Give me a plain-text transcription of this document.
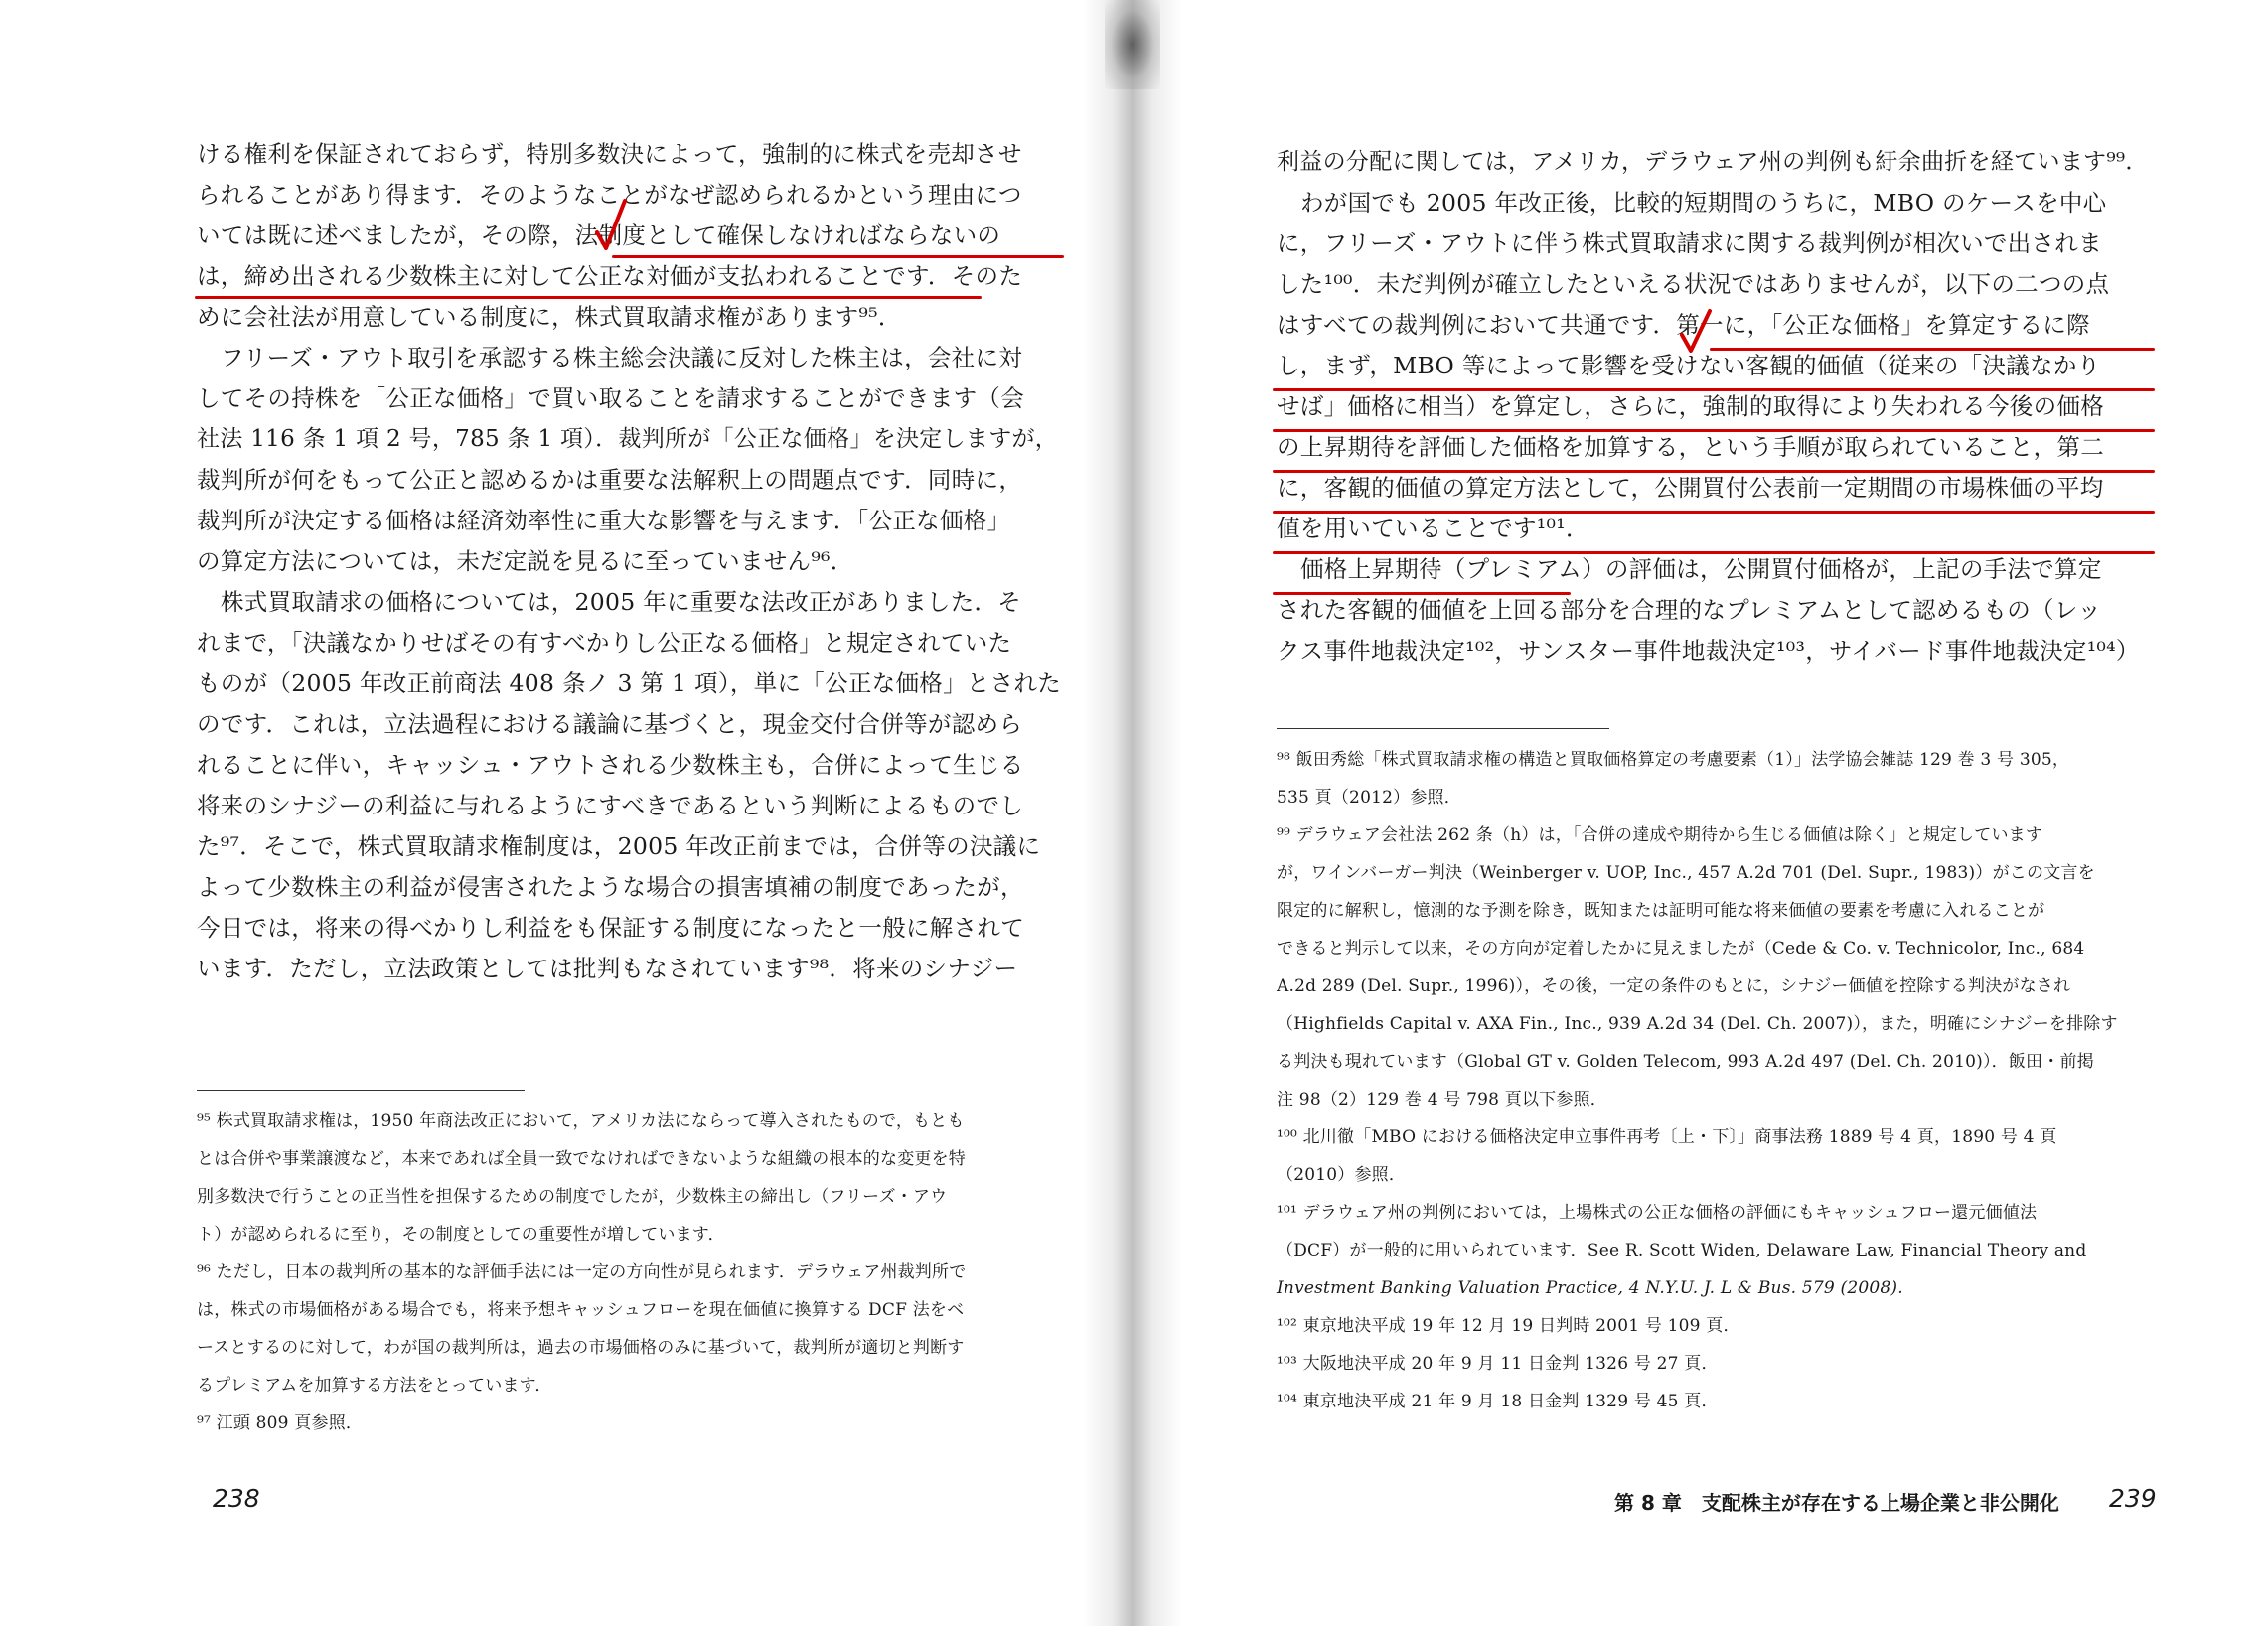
ける権利を保証されておらず，特別多数決によって，強制的に株式を売却させ
られることがあり得ます．そのようなことがなぜ認められるかという理由につ
いては既に述べましたが，その際，法制度として確保しなければならないの
は，締め出される少数株主に対して公正な対価が支払われることです．そのた
めに会社法が用意している制度に，株式買取請求権があります⁹⁵．
フリーズ・アウト取引を承認する株主総会決議に反対した株主は，会社に対
してその持株を「公正な価格」で買い取ることを請求することができます（会
社法 116 条 1 項 2 号，785 条 1 項）．裁判所が「公正な価格」を決定しますが，
裁判所が何をもって公正と認めるかは重要な法解釈上の問題点です．同時に，
裁判所が決定する価格は経済効率性に重大な影響を与えます．「公正な価格」
の算定方法については，未だ定説を見るに至っていません⁹⁶．
株式買取請求の価格については，2005 年に重要な法改正がありました．そ
れまで，「決議なかりせばその有すべかりし公正なる価格」と規定されていた
ものが（2005 年改正前商法 408 条ノ 3 第 1 項），単に「公正な価格」とされた
のです．これは，立法過程における議論に基づくと，現金交付合併等が認めら
れることに伴い，キャッシュ・アウトされる少数株主も，合併によって生じる
将来のシナジーの利益に与れるようにすべきであるという判断によるものでし
た⁹⁷．そこで，株式買取請求権制度は，2005 年改正前までは，合併等の決議に
よって少数株主の利益が侵害されたような場合の損害填補の制度であったが，
今日では，将来の得べかりし利益をも保証する制度になったと一般に解されて
います．ただし，立法政策としては批判もなされています⁹⁸．将来のシナジー
⁹⁵ 株式買取請求権は，1950 年商法改正において，アメリカ法にならって導入されたもので，もとも
とは合併や事業譲渡など，本来であれば全員一致でなければできないような組織の根本的な変更を特
別多数決で行うことの正当性を担保するための制度でしたが，少数株主の締出し（フリーズ・アウ
ト）が認められるに至り，その制度としての重要性が増しています．
⁹⁶ ただし，日本の裁判所の基本的な評価手法には一定の方向性が見られます．デラウェア州裁判所で
は，株式の市場価格がある場合でも，将来予想キャッシュフローを現在価値に換算する DCF 法をベ
ースとするのに対して，わが国の裁判所は，過去の市場価格のみに基づいて，裁判所が適切と判断す
るプレミアムを加算する方法をとっています．
⁹⁷ 江頭 809 頁参照．
238
利益の分配に関しては，アメリカ，デラウェア州の判例も紆余曲折を経ています⁹⁹．
わが国でも 2005 年改正後，比較的短期間のうちに，MBO のケースを中心
に，フリーズ・アウトに伴う株式買取請求に関する裁判例が相次いで出されま
した¹⁰⁰．未だ判例が確立したといえる状況ではありませんが，以下の二つの点
はすべての裁判例において共通です．第一に，「公正な価格」を算定するに際
し，まず，MBO 等によって影響を受けない客観的価値（従来の「決議なかり
せば」価格に相当）を算定し，さらに，強制的取得により失われる今後の価格
の上昇期待を評価した価格を加算する，という手順が取られていること，第二
に，客観的価値の算定方法として，公開買付公表前一定期間の市場株価の平均
値を用いていることです¹⁰¹．
価格上昇期待（プレミアム）の評価は，公開買付価格が，上記の手法で算定
された客観的価値を上回る部分を合理的なプレミアムとして認めるもの（レッ
クス事件地裁決定¹⁰²，サンスター事件地裁決定¹⁰³，サイバード事件地裁決定¹⁰⁴）
⁹⁸ 飯田秀総「株式買取請求権の構造と買取価格算定の考慮要素（1）」法学協会雑誌 129 巻 3 号 305，
535 頁（2012）参照．
⁹⁹ デラウェア会社法 262 条（h）は，「合併の達成や期待から生じる価値は除く」と規定しています
が，ワインバーガー判決（Weinberger v. UOP, Inc., 457 A.2d 701 (Del. Supr., 1983)）がこの文言を
限定的に解釈し，憶測的な予測を除き，既知または証明可能な将来価値の要素を考慮に入れることが
できると判示して以来，その方向が定着したかに見えましたが（Cede & Co. v. Technicolor, Inc., 684
A.2d 289 (Del. Supr., 1996)），その後，一定の条件のもとに，シナジー価値を控除する判決がなされ
（Highfields Capital v. AXA Fin., Inc., 939 A.2d 34 (Del. Ch. 2007)），また，明確にシナジーを排除す
る判決も現れています（Global GT v. Golden Telecom, 993 A.2d 497 (Del. Ch. 2010)）．飯田・前掲
注 98（2）129 巻 4 号 798 頁以下参照．
¹⁰⁰ 北川徹「MBO における価格決定申立事件再考〔上・下〕」商事法務 1889 号 4 頁，1890 号 4 頁
（2010）参照．
¹⁰¹ デラウェア州の判例においては，上場株式の公正な価格の評価にもキャッシュフロー還元価値法
（DCF）が一般的に用いられています．See R. Scott Widen, Delaware Law, Financial Theory and
Investment Banking Valuation Practice, 4 N.Y.U. J. L & Bus. 579 (2008).
¹⁰² 東京地決平成 19 年 12 月 19 日判時 2001 号 109 頁．
¹⁰³ 大阪地決平成 20 年 9 月 11 日金判 1326 号 27 頁．
¹⁰⁴ 東京地決平成 21 年 9 月 18 日金判 1329 号 45 頁．
第 8 章　支配株主が存在する上場企業と非公開化 239
